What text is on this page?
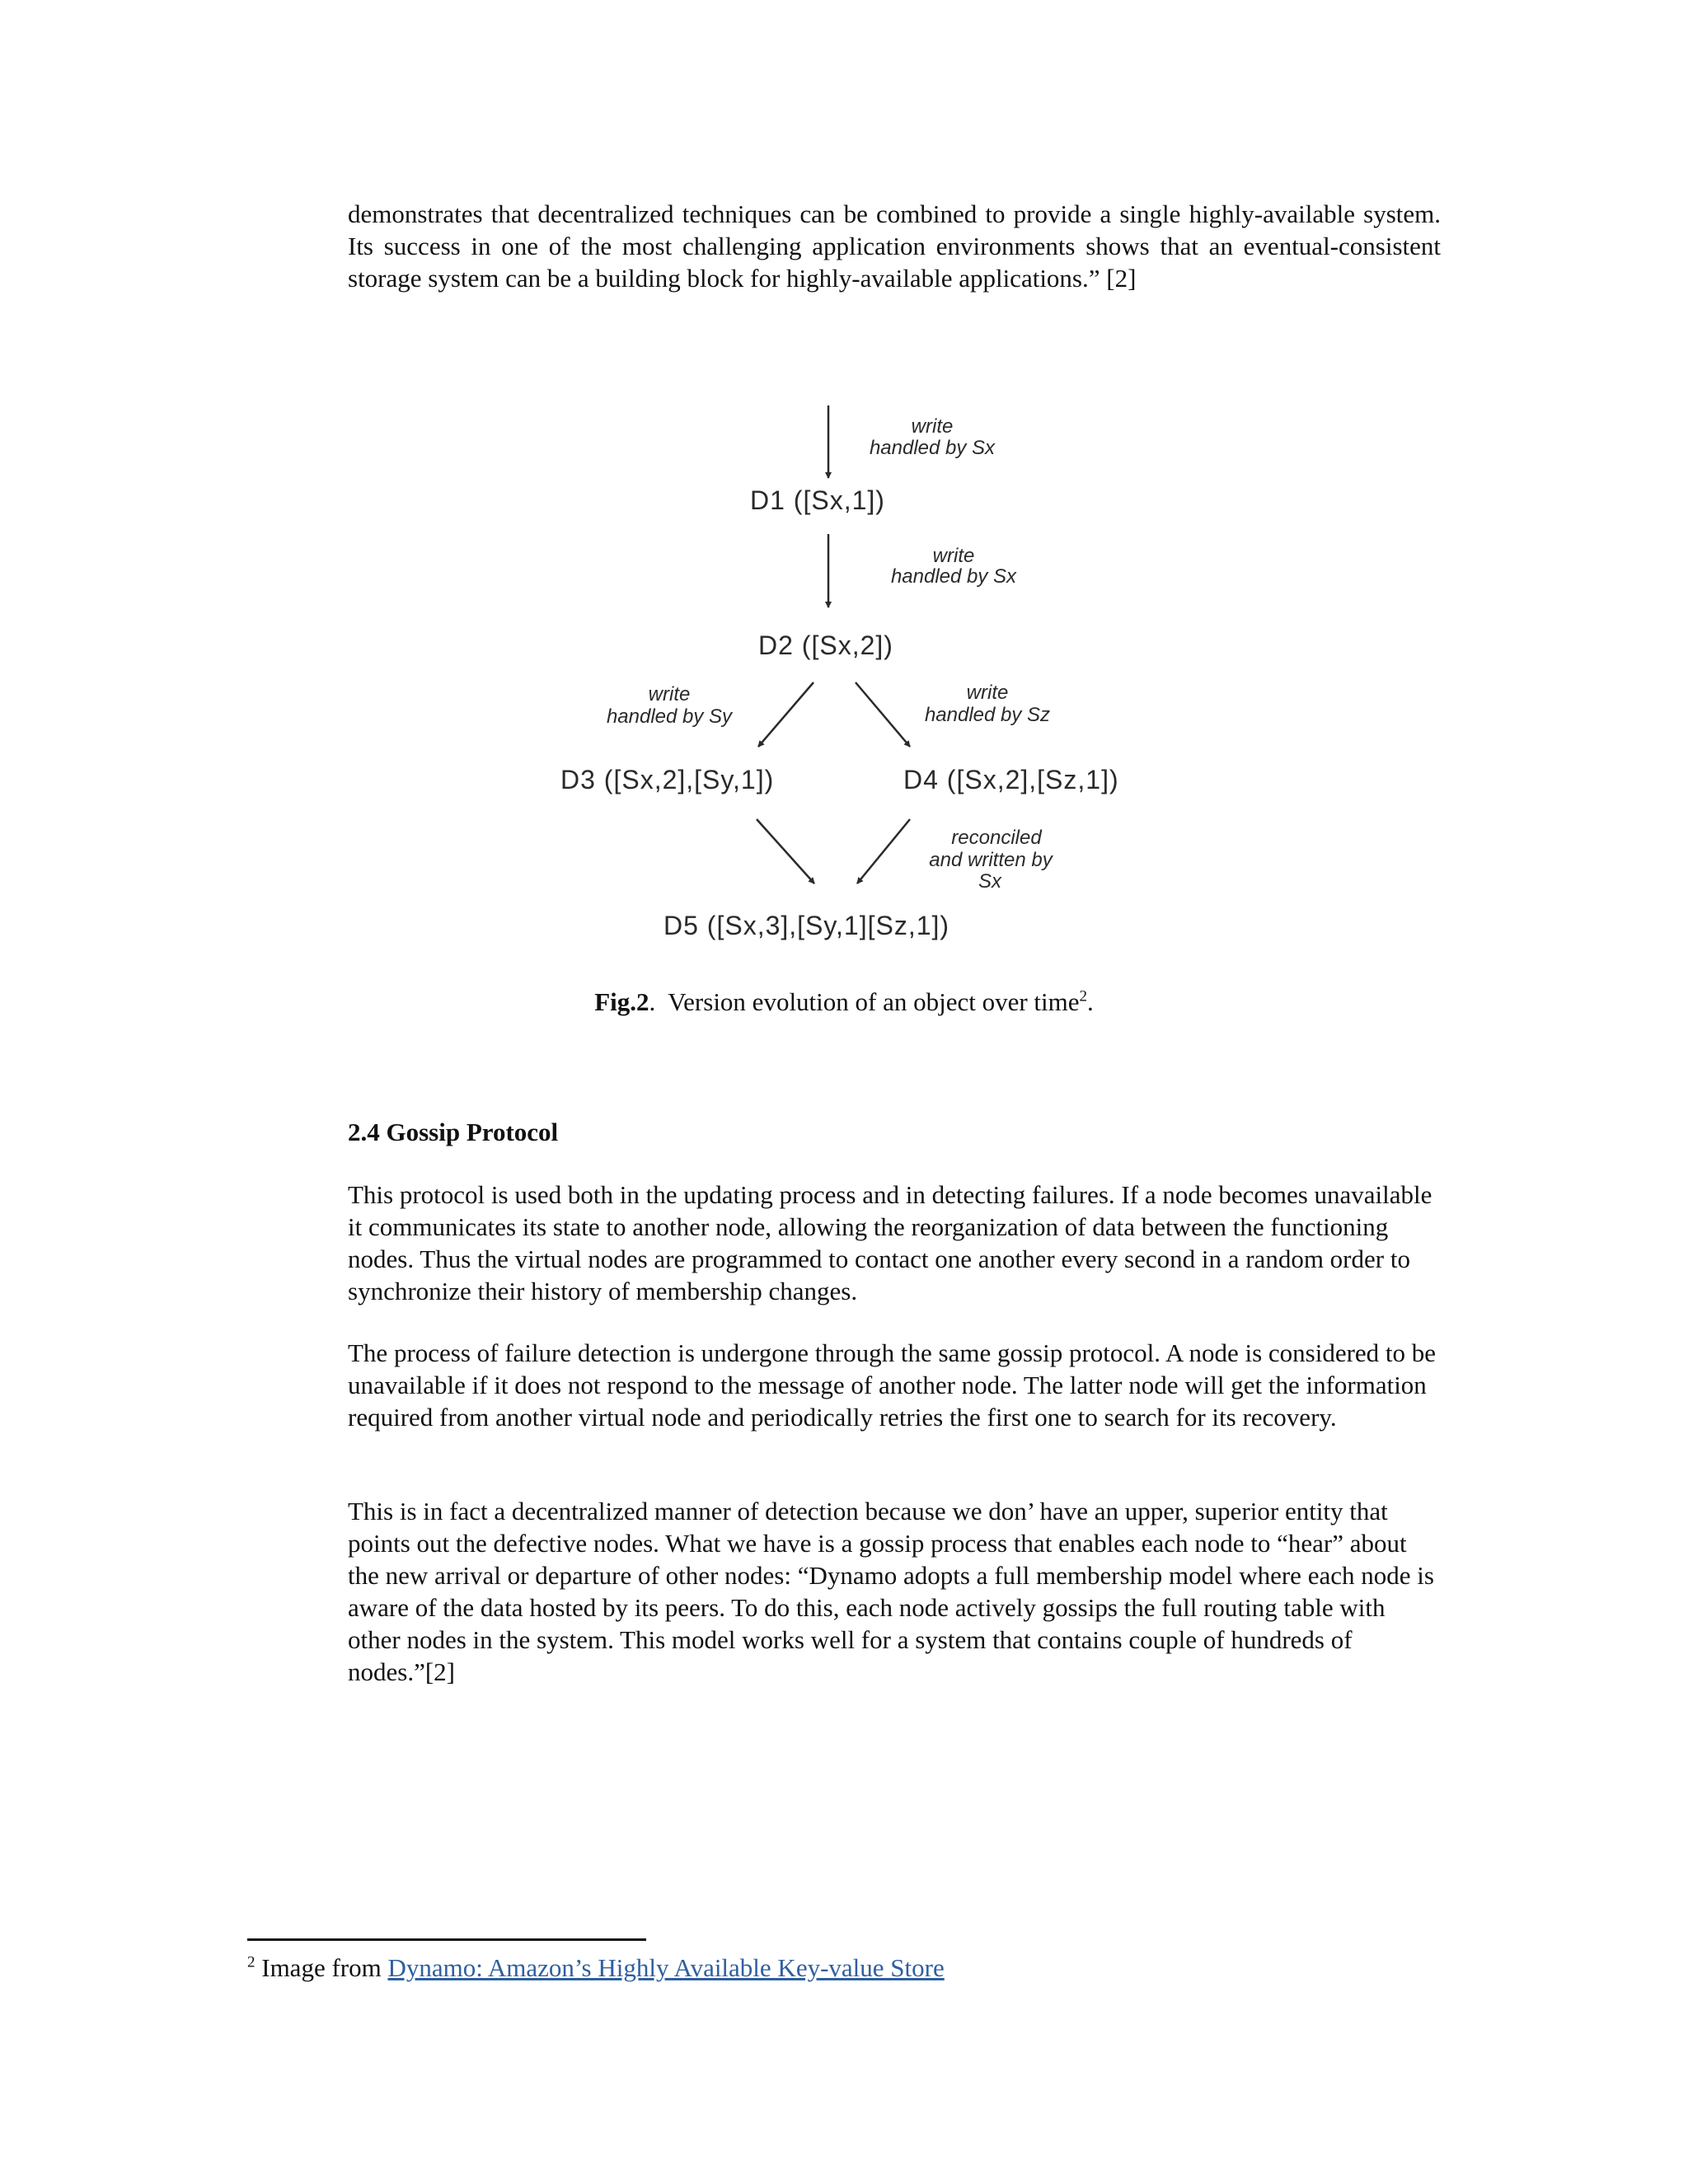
demonstrates that decentralized techniques can be combined to provide a single highly-available system. Its success in one of the most challenging application environments shows that an eventual-consistent storage system can be a building block for highly-available applications.” [2]

write
handled by Sx
D1 ([Sx,1])
write
handled by Sx
D2 ([Sx,2])
write
handled by Sy
write
handled by Sz
D3 ([Sx,2],[Sy,1])	D4 ([Sx,2],[Sz,1])
reconciled
and written by
Sx
D5 ([Sx,3],[Sy,1][Sz,1])
Fig.2.  Version evolution of an object over time$^2$.

2.4 Gossip Protocol

This protocol is used both in the updating process and in detecting failures. If a node becomes unavailable it communicates its state to another node, allowing the reorganization of data between the functioning nodes. Thus the virtual nodes are programmed to contact one another every second in a random order to synchronize their history of membership changes.

The process of failure detection is undergone through the same gossip protocol. A node is considered to be unavailable if it does not respond to the message of another node. The latter node will get the information required from another virtual node and periodically retries the first one to search for its recovery.

This is in fact a decentralized manner of detection because we don’ have an upper, superior entity that points out the defective nodes. What we have is a gossip process that enables each node to “hear” about the new arrival or departure of other nodes: “Dynamo adopts a full membership model where each node is aware of the data hosted by its peers. To do this, each node actively gossips the full routing table with other nodes in the system. This model works well for a system that contains couple of hundreds of nodes.”[2]

$^2$ Image from Dynamo: Amazon’s Highly Available Key-value Store
